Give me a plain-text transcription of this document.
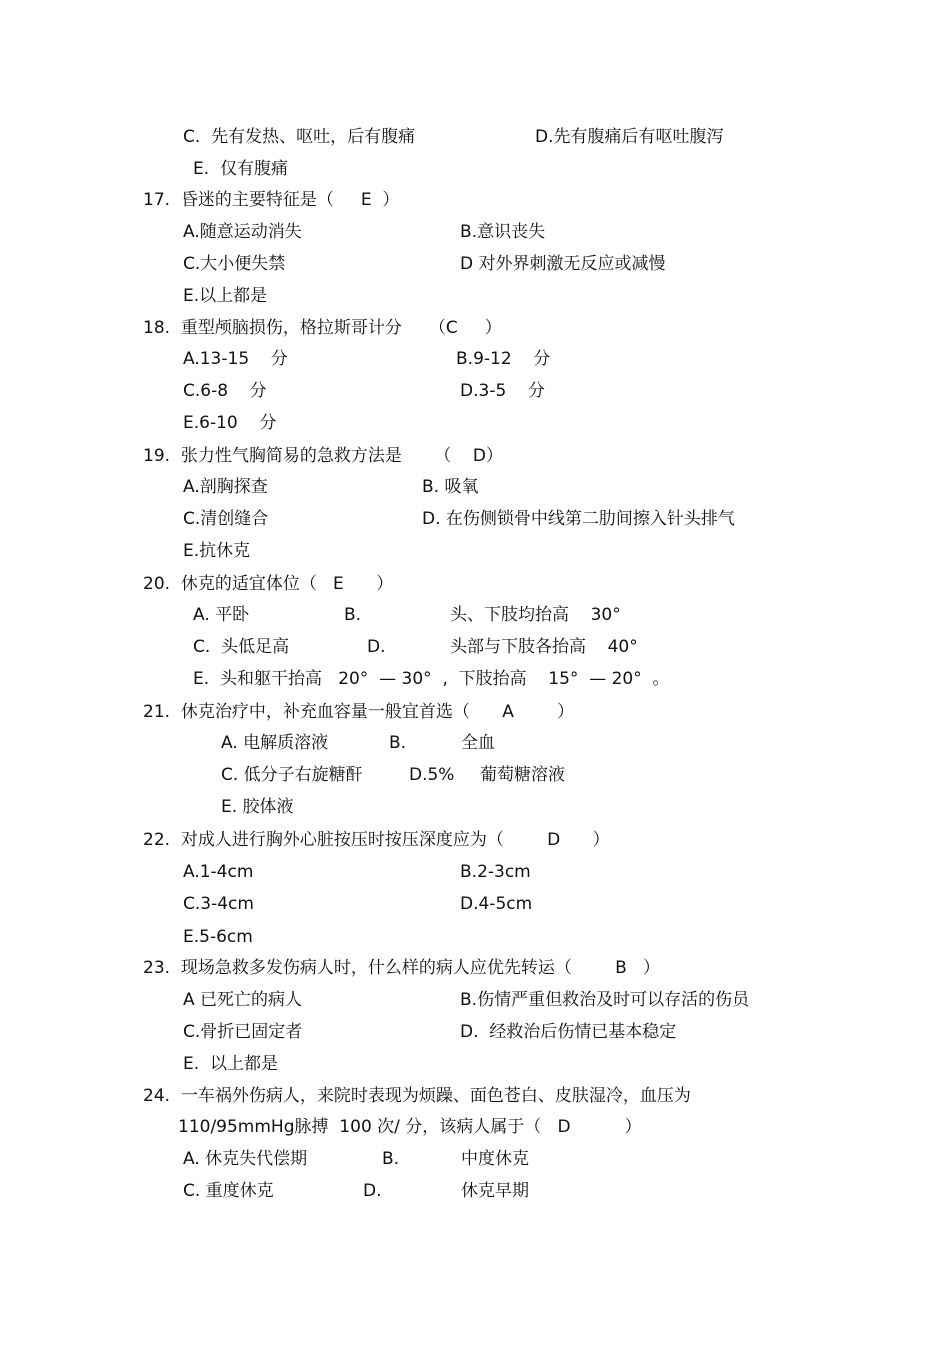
C.  先有发热、呕吐，后有腹痛	D.先有腹痛后有呕吐腹泻
E.  仅有腹痛
17.  昏迷的主要特征是（     E  ）
A.随意运动消失	B.意识丧失
C.大小便失禁	D 对外界刺激无反应或减慢
E.以上都是
18.  重型颅脑损伤，格拉斯哥计分     （C     ）
A.13-15    分	B.9-12    分
C.6-8    分	D.3-5    分
E.6-10    分
19.  张力性气胸简易的急救方法是      （    D）
A.剖胸探查	B. 吸氧
C.清创缝合	D. 在伤侧锁骨中线第二肋间擦入针头排气
E.抗休克
20.  休克的适宜体位（   E      ）
A. 平卧	B.	头、下肢均抬高    30°
C.  头低足高	D.	头部与下肢各抬高    40°
E.  头和躯干抬高   20°  — 30°  ,  下肢抬高    15°  — 20°  。
21.  休克治疗中，补充血容量一般宜首选（      A        ）
A. 电解质溶液	B.	全血
C. 低分子右旋糖酐	D.5% 葡萄糖溶液
E. 胶体液
22.  对成人进行胸外心脏按压时按压深度应为（        D      ）
A.1-4cm	B.2-3cm
C.3-4cm	D.4-5cm
E.5-6cm
23.  现场急救多发伤病人时，什么样的病人应优先转运（        B   ）
A 已死亡的病人	B.伤情严重但救治及时可以存活的伤员
C.骨折已固定者	D.  经救治后伤情已基本稳定
E.  以上都是
24.  一车祸外伤病人，来院时表现为烦躁、面色苍白、皮肤湿冷，血压为
110/95mmHg脉搏  100 次/ 分，该病人属于（   D          ）
A. 休克失代偿期	B.	中度休克
C. 重度休克	D.	休克早期
